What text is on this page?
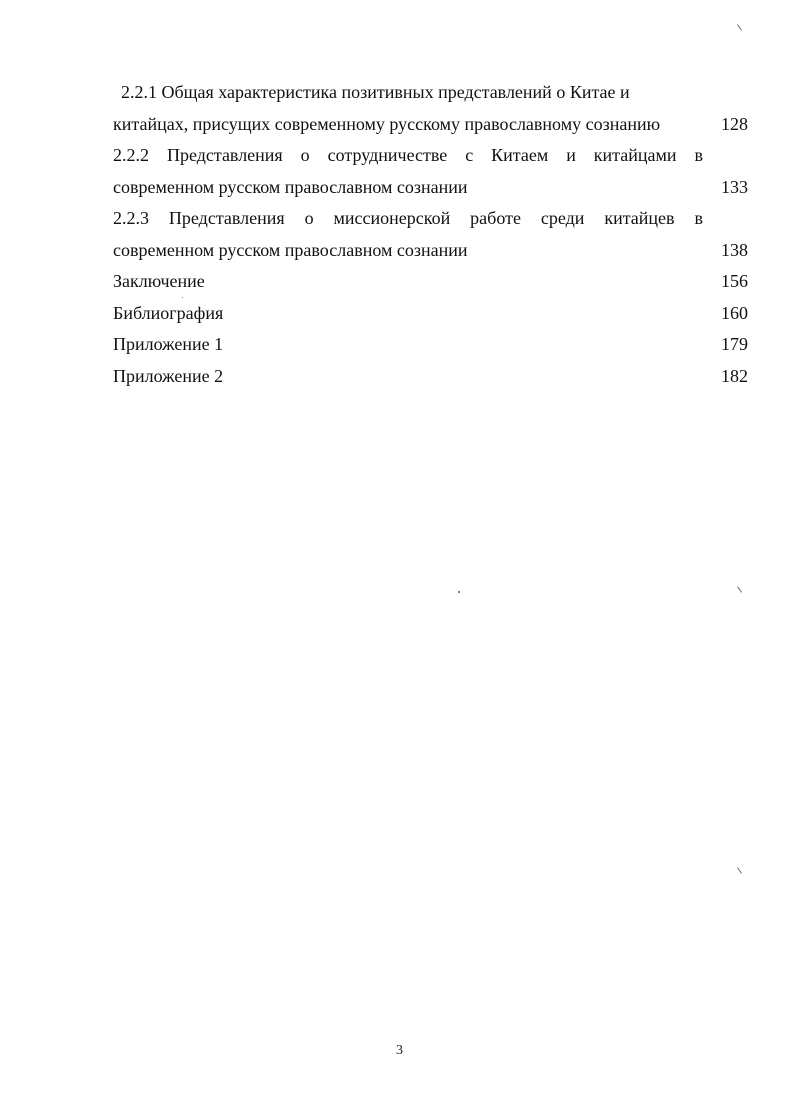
2.2.1 Общая характеристика позитивных представлений о Китае и
китайцах, присущих современному русскому православному сознанию	128
2.2.2 Представления о сотрудничестве с Китаем и китайцами в
современном русском православном сознании	133
2.2.3 Представления о миссионерской работе среди китайцев в
современном русском православном сознании	138
Заключение	156
Библиография	160
Приложение 1	179
Приложение 2	182
3
